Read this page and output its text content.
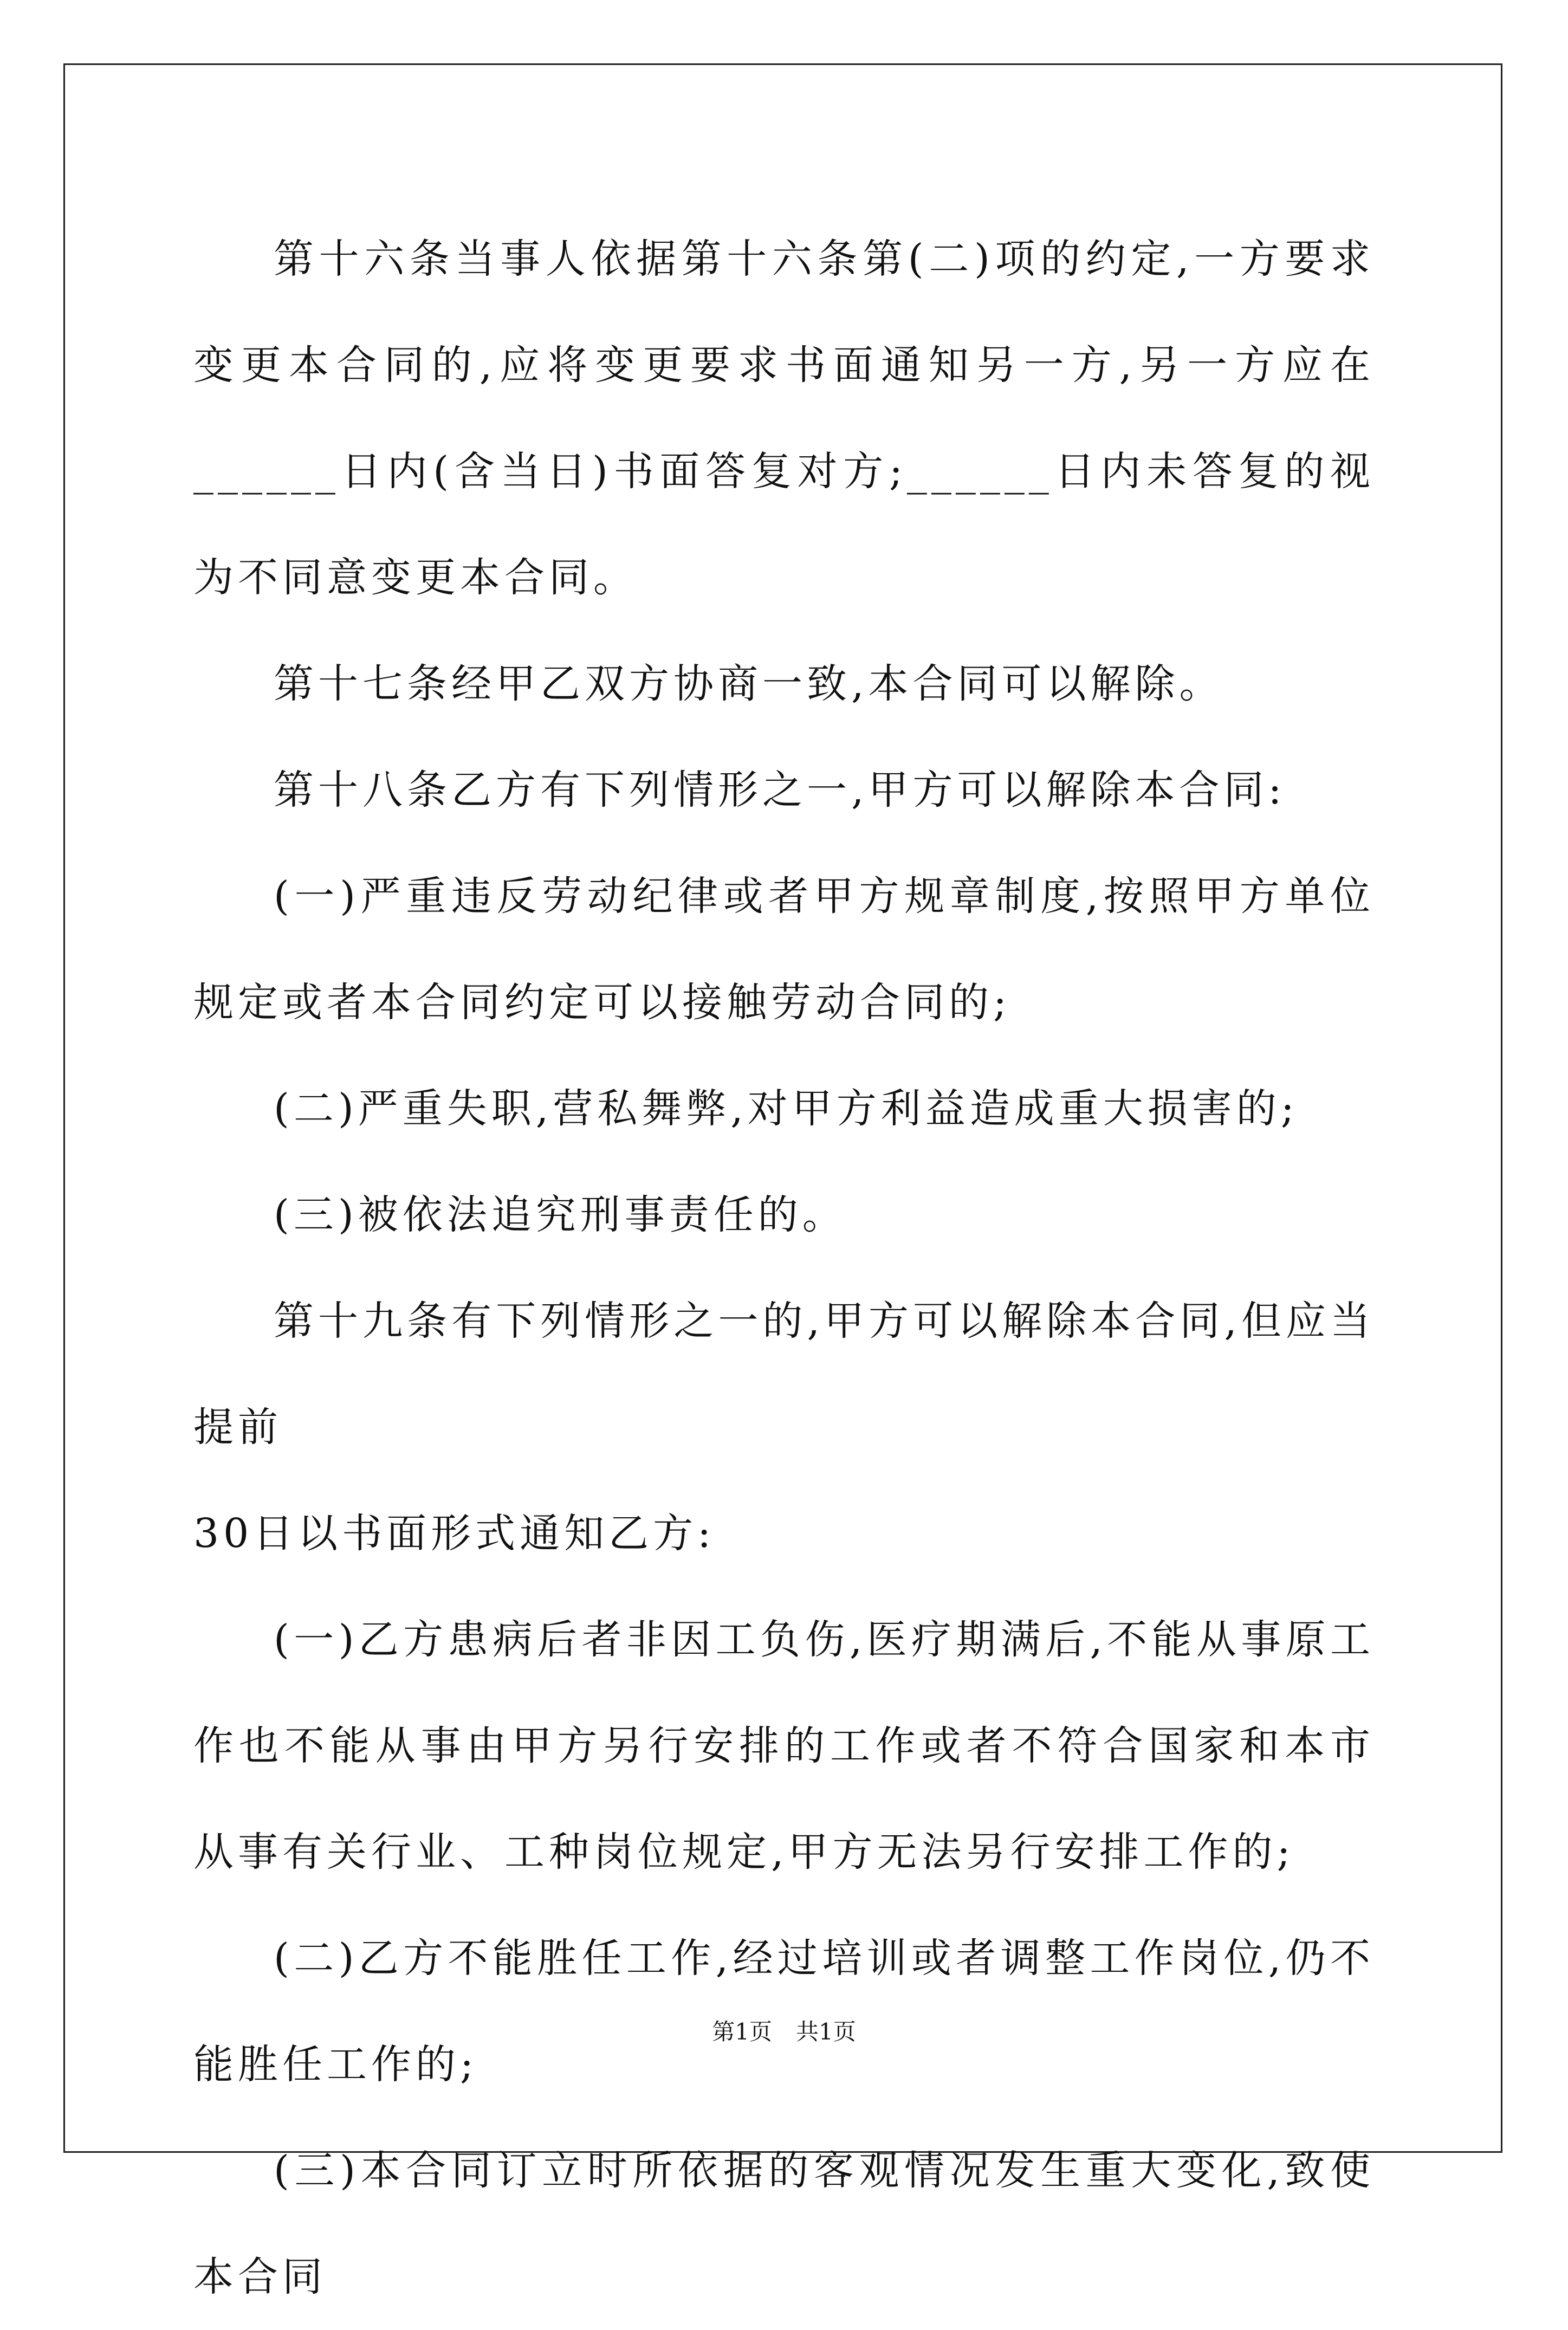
第十六条当事人依据第十六条第(二)项的约定,一方要求变更本合同的,应将变更要求书面通知另一方,另一方应在______日内(含当日)书面答复对方;______日内未答复的视为不同意变更本合同。

第十七条经甲乙双方协商一致,本合同可以解除。

第十八条乙方有下列情形之一,甲方可以解除本合同:

(一)严重违反劳动纪律或者甲方规章制度,按照甲方单位规定或者本合同约定可以接触劳动合同的;

(二)严重失职,营私舞弊,对甲方利益造成重大损害的;

(三)被依法追究刑事责任的。

第十九条有下列情形之一的,甲方可以解除本合同,但应当提前

30日以书面形式通知乙方:

(一)乙方患病后者非因工负伤,医疗期满后,不能从事原工作也不能从事由甲方另行安排的工作或者不符合国家和本市从事有关行业、工种岗位规定,甲方无法另行安排工作的;

(二)乙方不能胜任工作,经过培训或者调整工作岗位,仍不能胜任工作的;

(三)本合同订立时所依据的客观情况发生重大变化,致使本合同

第1页 共1页
